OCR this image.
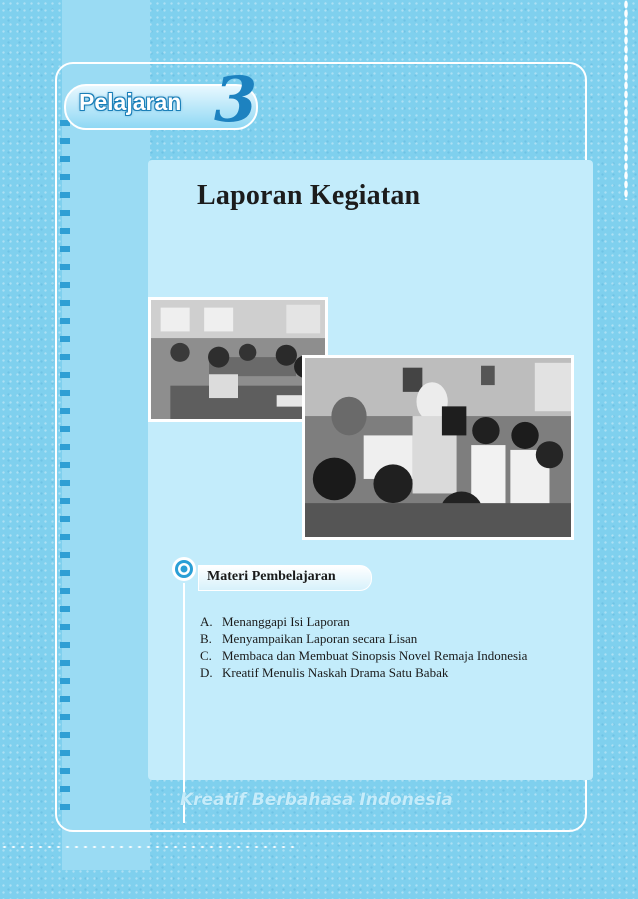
Pelajaran 3
Laporan Kegiatan
Materi Pembelajaran
A. Menanggapi Isi Laporan
B. Menyampaikan Laporan secara Lisan
C. Membaca dan Membuat Sinopsis Novel Remaja Indonesia
D. Kreatif Menulis Naskah Drama Satu Babak
Kreatif Berbahasa Indonesia
